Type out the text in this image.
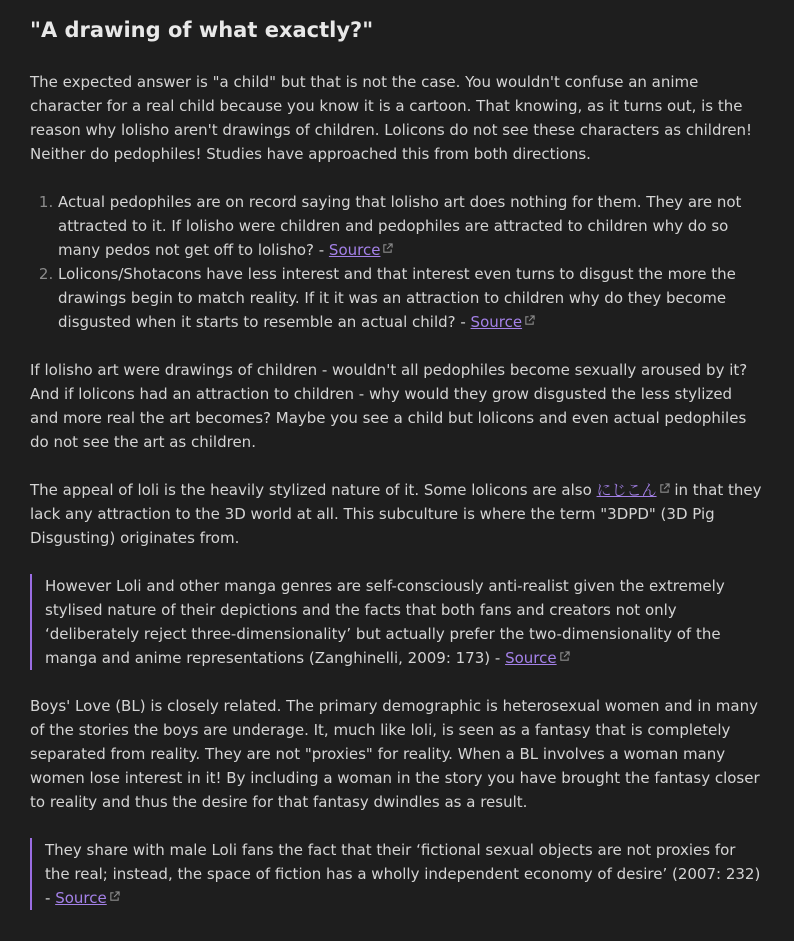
"A drawing of what exactly?"

The expected answer is "a child" but that is not the case. You wouldn't confuse an anime character for a real child because you know it is a cartoon. That knowing, as it turns out, is the reason why lolisho aren't drawings of children. Lolicons do not see these characters as children! Neither do pedophiles! Studies have approached this from both directions.

1. Actual pedophiles are on record saying that lolisho art does nothing for them. They are not attracted to it. If lolisho were children and pedophiles are attracted to children why do so many pedos not get off to lolisho? - Source
2. Lolicons/Shotacons have less interest and that interest even turns to disgust the more the drawings begin to match reality. If it it was an attraction to children why do they become disgusted when it starts to resemble an actual child? - Source

If lolisho art were drawings of children - wouldn't all pedophiles become sexually aroused by it? And if lolicons had an attraction to children - why would they grow disgusted the less stylized and more real the art becomes? Maybe you see a child but lolicons and even actual pedophiles do not see the art as children.

The appeal of loli is the heavily stylized nature of it. Some lolicons are also にじこん
in that they lack any attraction to the 3D world at all. This subculture is where the term "3DPD" (3D Pig Disgusting) originates from.

However Loli and other manga genres are self-consciously anti-realist given the extremely stylised nature of their depictions and the facts that both fans and creators not only ‘deliberately reject three-dimensionality’ but actually prefer the two-dimensionality of the manga and anime representations (Zanghinelli, 2009: 173) - Source

Boys' Love (BL) is closely related. The primary demographic is heterosexual women and in many of the stories the boys are underage. It, much like loli, is seen as a fantasy that is completely separated from reality. They are not "proxies" for reality. When a BL involves a woman many women lose interest in it! By including a woman in the story you have brought the fantasy closer to reality and thus the desire for that fantasy dwindles as a result.

They share with male Loli fans the fact that their ‘fictional sexual objects are not proxies for the real; instead, the space of fiction has a wholly independent economy of desire’ (2007: 232) - Source
